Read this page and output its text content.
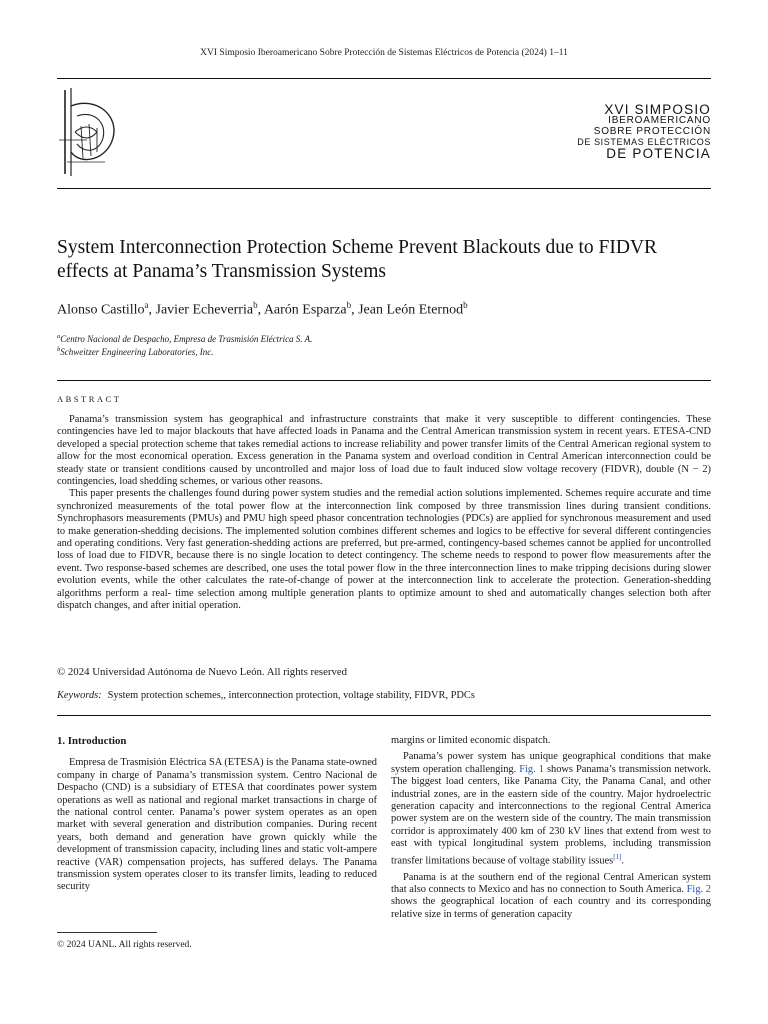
XVI Simposio Iberoamericano Sobre Protección de Sistemas Eléctricos de Potencia (2024) 1–11
XVI SIMPOSIO
IBEROAMERICANO
SOBRE PROTECCIÓN
DE SISTEMAS ELÉCTRICOS
DE POTENCIA
System Interconnection Protection Scheme Prevent Blackouts due to FIDVR
effects at Panama’s Transmission Systems
Alonso Castillo$^a$, Javier Echeverria$^b$, Aarón Esparza$^b$, Jean León Eternod$^b$
$^a$Centro Nacional de Despacho, Empresa de Trasmisión Eléctrica S. A.
$^b$Schweitzer Engineering Laboratories, Inc.
ABSTRACT

Panama’s transmission system has geographical and infrastructure constraints that make it very susceptible to different contingencies. These contingencies have led to major blackouts that have affected loads in Panama and the Central American transmission system in recent years. ETESA-CND developed a special protection scheme that takes remedial actions to increase reliability and power transfer limits of the Central American regional system to allow for the most economical operation. Excess generation in the Panama system and overload condition in Central American interconnection could be steady state or transient conditions caused by uncontrolled and major loss of load due to fault induced slow voltage recovery (FIDVR), double (N − 2) contingencies, load shedding schemes, or various other reasons.

This paper presents the challenges found during power system studies and the remedial action solutions implemented. Schemes require accurate and time synchronized measurements of the total power flow at the interconnection link composed by three transmission lines during transient conditions. Synchrophasors measurements (PMUs) and PMU high speed phasor concentration technologies (PDCs) are applied for synchronous measurement and used to make generation-shedding decisions. The implemented solution combines different schemes and logics to be effective for several different contingencies and operating conditions. Very fast generation-shedding actions are preferred, but pre-armed, contingency-based schemes cannot be applied for uncontrolled loss of load due to FIDVR, because there is no single location to detect contingency. The scheme needs to respond to power flow measurements after the event. Two response-based schemes are described, one uses the total power flow in the three interconnection lines to make tripping decisions during slower evolution events, while the other calculates the rate-of-change of power at the interconnection link to accelerate the protection. Generation-shedding algorithms perform a real- time selection among multiple generation plants to optimize amount to shed and automatically changes selection both after dispatch changes, and after initial operation.

© 2024 Universidad Autónoma de Nuevo León. All rights reserved
Keywords: System protection schemes,, interconnection protection, voltage stability, FIDVR, PDCs
1. Introduction

Empresa de Trasmisión Eléctrica SA (ETESA) is the Panama state-owned company in charge of Panama’s transmission system. Centro Nacional de Despacho (CND) is a subsidiary of ETESA that coordinates power system operations as well as national and regional market transactions in charge of the national control center. Panama’s power system operates as an open market with several generation and distribution companies. During recent years, both demand and generation have grown quickly while the development of transmission capacity, including lines and static volt-ampere reactive (VAR) compensation projects, has suffered delays. The Panama transmission system operates closer to its transfer limits, leading to reduced security

margins or limited economic dispatch.

Panama’s power system has unique geographical conditions that make system operation challenging. Fig. 1 shows Panama’s transmission network. The biggest load centers, like Panama City, the Panama Canal, and other industrial zones, are in the eastern side of the country. Major hydroelectric generation capacity and interconnections to the regional Central America power system are on the western side of the country. The main transmission corridor is approximately 400 km of 230 kV lines that extend from west to east with typical longitudinal system problems, including transmission transfer limitations because of voltage stability issues[1].

Panama is at the southern end of the regional Central American system that also connects to Mexico and has no connection to South America. Fig. 2 shows the geographical location of each country and its corresponding relative size in terms of generation capacity

© 2024 UANL. All rights reserved.
